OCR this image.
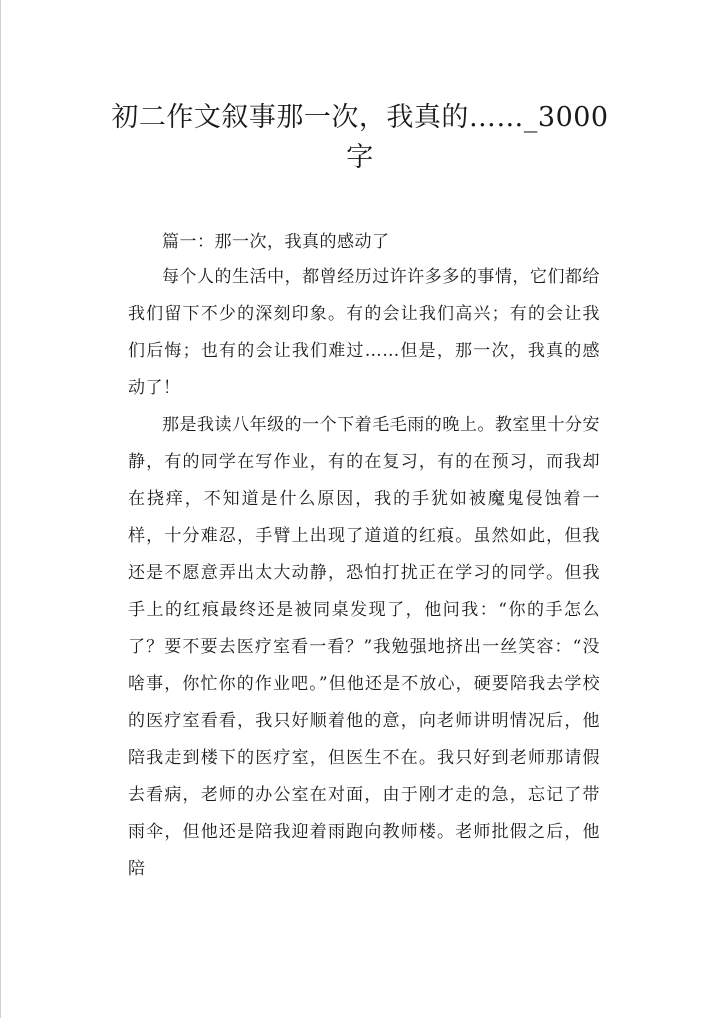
初二作文叙事那一次，我真的……_3000字

篇一：那一次，我真的感动了

每个人的生活中，都曾经历过许许多多的事情，它们都给我们留下不少的深刻印象。有的会让我们高兴；有的会让我们后悔；也有的会让我们难过……但是，那一次，我真的感动了！

那是我读八年级的一个下着毛毛雨的晚上。教室里十分安静，有的同学在写作业，有的在复习，有的在预习，而我却在挠痒，不知道是什么原因，我的手犹如被魔鬼侵蚀着一样，十分难忍，手臂上出现了道道的红痕。虽然如此，但我还是不愿意弄出太大动静，恐怕打扰正在学习的同学。但我手上的红痕最终还是被同桌发现了，他问我：“你的手怎么了？要不要去医疗室看一看？”我勉强地挤出一丝笑容：“没啥事，你忙你的作业吧。”但他还是不放心，硬要陪我去学校的医疗室看看，我只好顺着他的意，向老师讲明情况后，他陪我走到楼下的医疗室，但医生不在。我只好到老师那请假去看病，老师的办公室在对面，由于刚才走的急，忘记了带雨伞，但他还是陪我迎着雨跑向教师楼。老师批假之后，他陪
